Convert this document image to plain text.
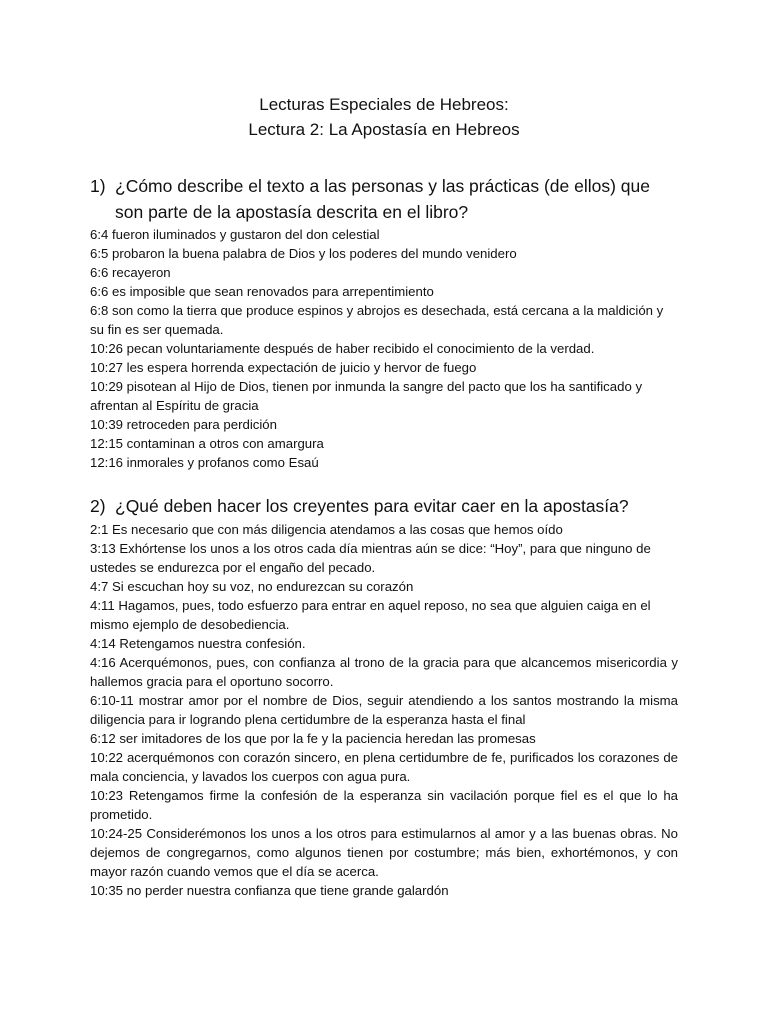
Lecturas Especiales de Hebreos:

Lectura 2: La Apostasía en Hebreos

1) ¿Cómo describe el texto a las personas y las prácticas (de ellos) que son parte de la apostasía descrita en el libro?
6:4 fueron iluminados y gustaron del don celestial
6:5 probaron la buena palabra de Dios y los poderes del mundo venidero
6:6 recayeron
6:6 es imposible que sean renovados para arrepentimiento
6:8 son como la tierra que produce espinos y abrojos es desechada, está cercana a la maldición y su fin es ser quemada.
10:26 pecan voluntariamente después de haber recibido el conocimiento de la verdad.
10:27 les espera horrenda expectación de juicio y hervor de fuego
10:29 pisotean al Hijo de Dios, tienen por inmunda la sangre del pacto que los ha santificado y afrentan al Espíritu de gracia
10:39 retroceden para perdición
12:15 contaminan a otros con amargura
12:16 inmorales y profanos como Esaú
2) ¿Qué deben hacer los creyentes para evitar caer en la apostasía?
2:1 Es necesario que con más diligencia atendamos a las cosas que hemos oído
3:13 Exhórtense los unos a los otros cada día mientras aún se dice: “Hoy”, para que ninguno de ustedes se endurezca por el engaño del pecado.
4:7 Si escuchan hoy su voz, no endurezcan su corazón
4:11 Hagamos, pues, todo esfuerzo para entrar en aquel reposo, no sea que alguien caiga en el mismo ejemplo de desobediencia.
4:14 Retengamos nuestra confesión.
4:16 Acerquémonos, pues, con confianza al trono de la gracia para que alcancemos misericordia y hallemos gracia para el oportuno socorro.
6:10-11 mostrar amor por el nombre de Dios, seguir atendiendo a los santos mostrando la misma diligencia para ir logrando plena certidumbre de la esperanza hasta el final
6:12 ser imitadores de los que por la fe y la paciencia heredan las promesas
10:22 acerquémonos con corazón sincero, en plena certidumbre de fe, purificados los corazones de mala conciencia, y lavados los cuerpos con agua pura.
10:23 Retengamos firme la confesión de la esperanza sin vacilación porque fiel es el que lo ha prometido.
10:24-25 Considerémonos los unos a los otros para estimularnos al amor y a las buenas obras. No dejemos de congregarnos, como algunos tienen por costumbre; más bien, exhortémonos, y con mayor razón cuando vemos que el día se acerca.
10:35 no perder nuestra confianza que tiene grande galardón
